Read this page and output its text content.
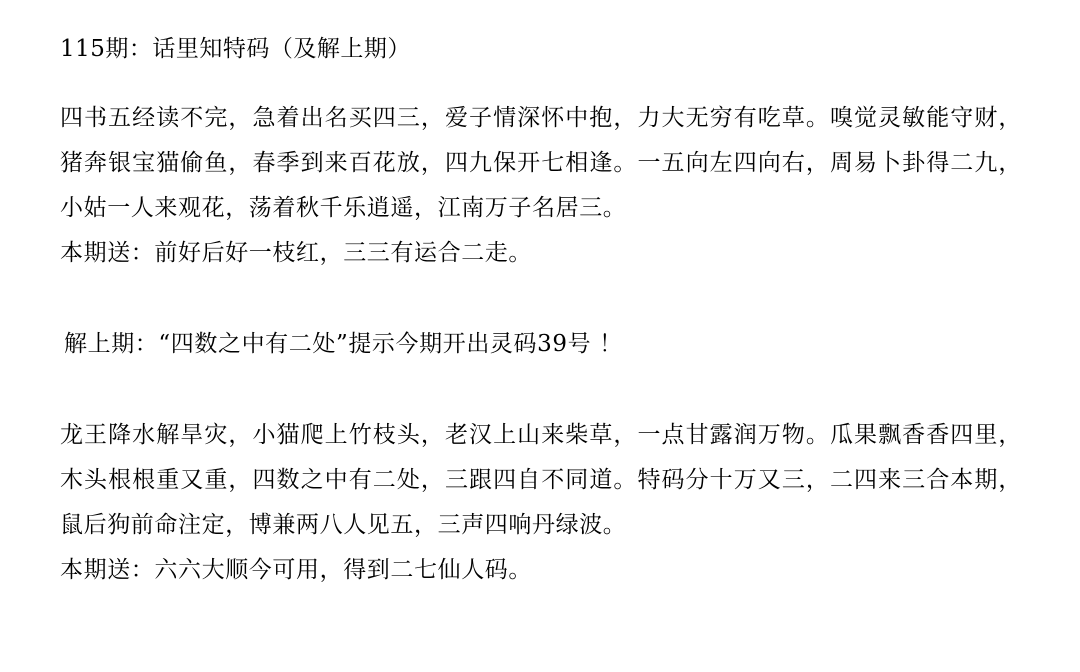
115期：话里知特码（及解上期）
四书五经读不完，急着出名买四三，爱子情深怀中抱，力大无穷有吃草。嗅觉灵敏能守财，猪奔银宝猫偷鱼，春季到来百花放，四九保开七相逢。一五向左四向右，周易卜卦得二九，小姑一人来观花，荡着秋千乐逍遥，江南万子名居三。
本期送：前好后好一枝红，三三有运合二走。
解上期：“四数之中有二处”提示今期开出灵码39号 ！
龙王降水解旱灾，小猫爬上竹枝头，老汉上山来柴草，一点甘露润万物。瓜果飘香香四里，木头根根重又重，四数之中有二处，三跟四自不同道。特码分十万又三，二四来三合本期，鼠后狗前命注定，博兼两八人见五，三声四响丹绿波。
本期送：六六大顺今可用，得到二七仙人码。
